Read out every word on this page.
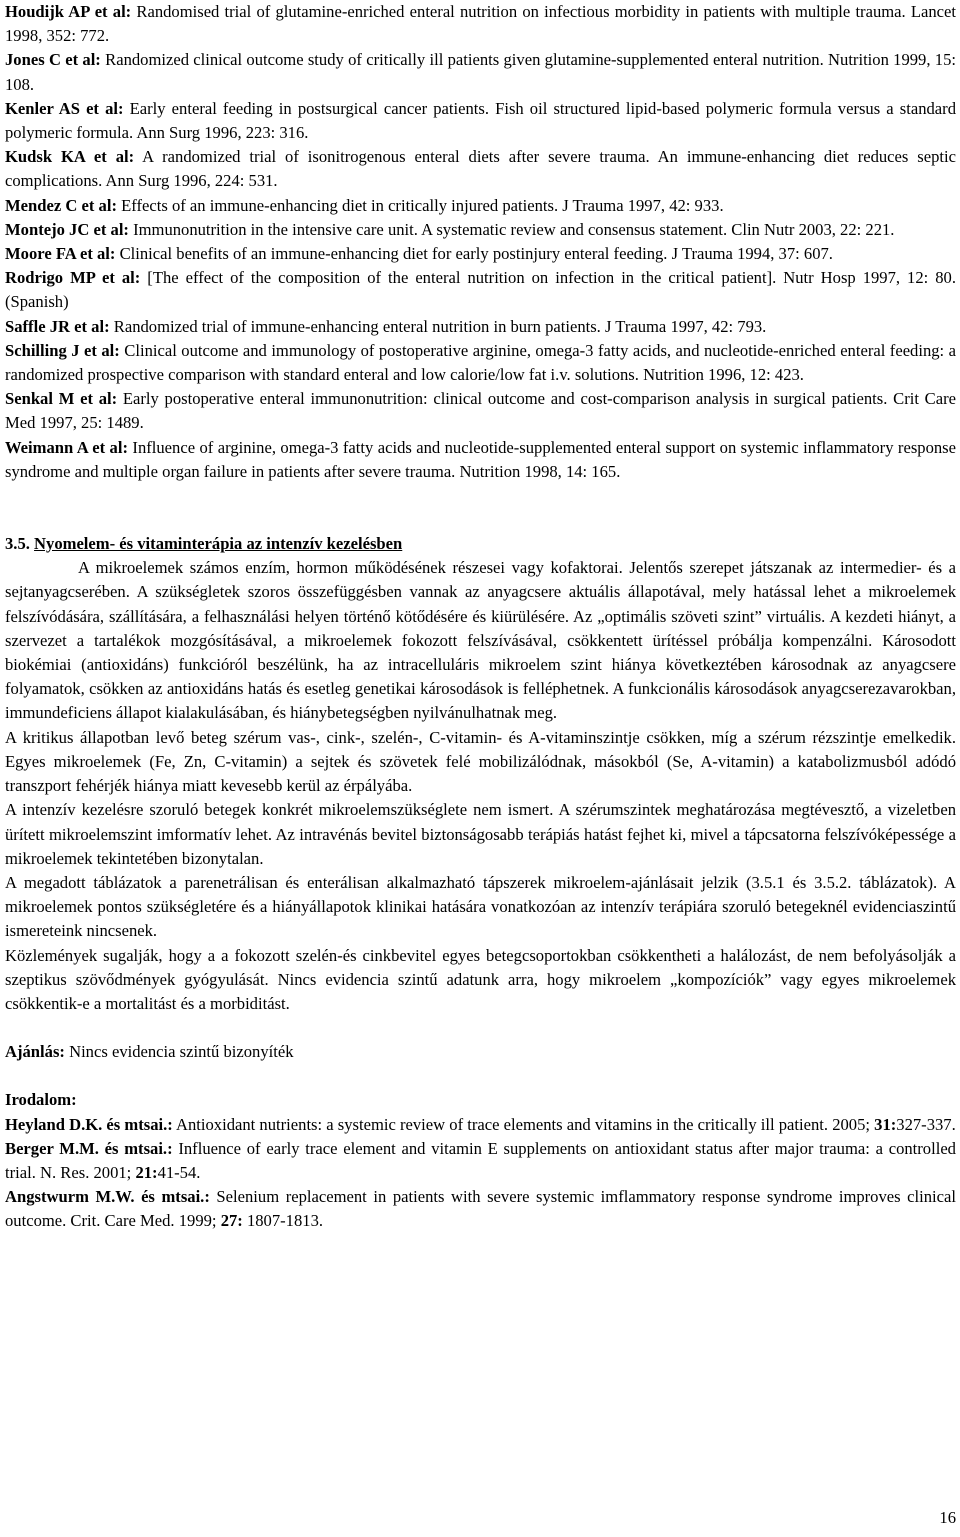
Houdijk AP et al: Randomised trial of glutamine-enriched enteral nutrition on infectious morbidity in patients with multiple trauma. Lancet 1998, 352: 772.

Jones C et al: Randomized clinical outcome study of critically ill patients given glutamine-supplemented enteral nutrition. Nutrition 1999, 15: 108.

Kenler AS et al: Early enteral feeding in postsurgical cancer patients. Fish oil structured lipid-based polymeric formula versus a standard polymeric formula. Ann Surg 1996, 223: 316.

Kudsk KA et al: A randomized trial of isonitrogenous enteral diets after severe trauma. An immune-enhancing diet reduces septic complications. Ann Surg 1996, 224: 531.

Mendez C et al: Effects of an immune-enhancing diet in critically injured patients. J Trauma 1997, 42: 933.

Montejo JC et al: Immunonutrition in the intensive care unit. A systematic review and consensus statement. Clin Nutr 2003, 22: 221.

Moore FA et al: Clinical benefits of an immune-enhancing diet for early postinjury enteral feeding. J Trauma 1994, 37: 607.

Rodrigo MP et al: [The effect of the composition of the enteral nutrition on infection in the critical patient]. Nutr Hosp 1997, 12: 80. (Spanish)

Saffle JR et al: Randomized trial of immune-enhancing enteral nutrition in burn patients. J Trauma 1997, 42: 793.

Schilling J et al: Clinical outcome and immunology of postoperative arginine, omega-3 fatty acids, and nucleotide-enriched enteral feeding: a randomized prospective comparison with standard enteral and low calorie/low fat i.v. solutions. Nutrition 1996, 12: 423.

Senkal M et al: Early postoperative enteral immunonutrition: clinical outcome and cost-comparison analysis in surgical patients. Crit Care Med 1997, 25: 1489.

Weimann A et al: Influence of arginine, omega-3 fatty acids and nucleotide-supplemented enteral support on systemic inflammatory response syndrome and multiple organ failure in patients after severe trauma. Nutrition 1998, 14: 165.

3.5. Nyomelem- és vitaminterápia az intenzív kezelésben

A mikroelemek számos enzím, hormon működésének részesei vagy kofaktorai. Jelentős szerepet játszanak az intermedier- és a sejtanyagcserében. A szükségletek szoros összefüggésben vannak az anyagcsere aktuális állapotával, mely hatással lehet a mikroelemek felszívódására, szállítására, a felhasználási helyen történő kötődésére és kiürülésére. Az „optimális szöveti szint” virtuális. A kezdeti hiányt, a szervezet a tartalékok mozgósításával, a mikroelemek fokozott felszívásával, csökkentett ürítéssel próbálja kompenzálni. Károsodott biokémiai (antioxidáns) funkcióról beszélünk, ha az intracelluláris mikroelem szint hiánya következtében károsodnak az anyagcsere folyamatok, csökken az antioxidáns hatás és esetleg genetikai károsodások is felléphetnek. A funkcionális károsodások anyagcserezavarokban, immundeficiens állapot kialakulásában, és hiánybetegségben nyilvánulhatnak meg.

A kritikus állapotban levő beteg szérum vas-, cink-, szelén-, C-vitamin- és A-vitaminszintje csökken, míg a szérum rézszintje emelkedik. Egyes mikroelemek (Fe, Zn, C-vitamin) a sejtek és szövetek felé mobilizálódnak, másokból (Se, A-vitamin) a katabolizmusból adódó transzport fehérjék hiánya miatt kevesebb kerül az érpályába.

A intenzív kezelésre szoruló betegek konkrét mikroelemszükséglete nem ismert. A szérumszintek meghatározása megtévesztő, a vizeletben ürített mikroelemszint imformatív lehet. Az intravénás bevitel biztonságosabb terápiás hatást fejhet ki, mivel a tápcsatorna felszívóképessége a mikroelemek tekintetében bizonytalan.

A megadott táblázatok a parenetrálisan és enterálisan alkalmazható tápszerek mikroelem-ajánlásait jelzik (3.5.1 és 3.5.2. táblázatok). A mikroelemek pontos szükségletére és a hiányállapotok klinikai hatására vonatkozóan az intenzív terápiára szoruló betegeknél evidenciaszintű ismereteink nincsenek.

Közlemények sugalják, hogy a a fokozott szelén-és cinkbevitel egyes betegcsoportokban csökkentheti a halálozást, de nem befolyásolják a szeptikus szövődmények gyógyulását. Nincs evidencia szintű adatunk arra, hogy mikroelem „kompozíciók” vagy egyes mikroelemek csökkentik-e a mortalitást és a morbiditást.

Ajánlás: Nincs evidencia szintű bizonyíték

Irodalom:

Heyland D.K. és mtsai.: Antioxidant nutrients: a systemic review of trace elements and vitamins in the critically ill patient. 2005; 31:327-337.

Berger M.M. és mtsai.: Influence of early trace element and vitamin E supplements on antioxidant status after major trauma: a controlled trial. N. Res. 2001; 21:41-54.

Angstwurm M.W. és mtsai.: Selenium replacement in patients with severe systemic imflammatory response syndrome improves clinical outcome. Crit. Care Med. 1999; 27: 1807-1813.

16
